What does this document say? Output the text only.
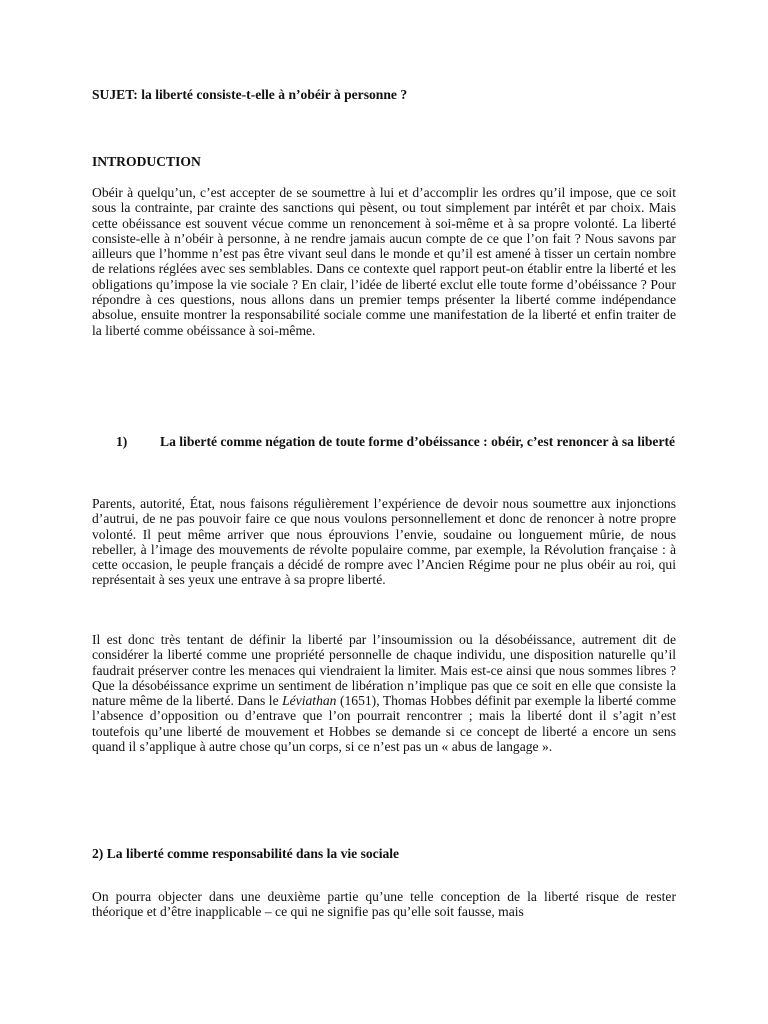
SUJET: la liberté consiste-t-elle à n’obéir à personne ?
INTRODUCTION

Obéir à quelqu’un, c’est accepter de se soumettre à lui et d’accomplir les ordres qu’il impose, que ce soit sous la contrainte, par crainte des sanctions qui pèsent, ou tout simplement par intérêt et par choix. Mais cette obéissance est souvent vécue comme un renoncement à soi-même et à sa propre volonté. La liberté consiste-elle à n’obéir à personne, à ne rendre jamais aucun compte de ce que l’on fait ? Nous savons par ailleurs que l’homme n’est pas être vivant seul dans le monde et qu’il est amené à tisser un certain nombre de relations réglées avec ses semblables. Dans ce contexte quel rapport peut-on établir entre la liberté et les obligations qu’impose la vie sociale ? En clair, l’idée de liberté exclut elle toute forme d’obéissance ? Pour répondre à ces questions, nous allons dans un premier temps présenter la liberté comme indépendance absolue, ensuite montrer la responsabilité sociale comme une manifestation de la liberté et enfin traiter de la liberté comme obéissance à soi-même.

1) La liberté comme négation de toute forme d’obéissance : obéir, c’est renoncer à sa liberté

Parents, autorité, État, nous faisons régulièrement l’expérience de devoir nous soumettre aux injonctions d’autrui, de ne pas pouvoir faire ce que nous voulons personnellement et donc de renoncer à notre propre volonté. Il peut même arriver que nous éprouvions l’envie, soudaine ou longuement mûrie, de nous rebeller, à l’image des mouvements de révolte populaire comme, par exemple, la Révolution française : à cette occasion, le peuple français a décidé de rompre avec l’Ancien Régime pour ne plus obéir au roi, qui représentait à ses yeux une entrave à sa propre liberté.

Il est donc très tentant de définir la liberté par l’insoumission ou la désobéissance, autrement dit de considérer la liberté comme une propriété personnelle de chaque individu, une disposition naturelle qu’il faudrait préserver contre les menaces qui viendraient la limiter. Mais est-ce ainsi que nous sommes libres ? Que la désobéissance exprime un sentiment de libération n’implique pas que ce soit en elle que consiste la nature même de la liberté. Dans le Léviathan (1651), Thomas Hobbes définit par exemple la liberté comme l’absence d’opposition ou d’entrave que l’on pourrait rencontrer ; mais la liberté dont il s’agit n’est toutefois qu’une liberté de mouvement et Hobbes se demande si ce concept de liberté a encore un sens quand il s’applique à autre chose qu’un corps, si ce n’est pas un « abus de langage ».

2) La liberté comme responsabilité dans la vie sociale

On pourra objecter dans une deuxième partie qu’une telle conception de la liberté risque de rester théorique et d’être inapplicable – ce qui ne signifie pas qu’elle soit fausse, mais
